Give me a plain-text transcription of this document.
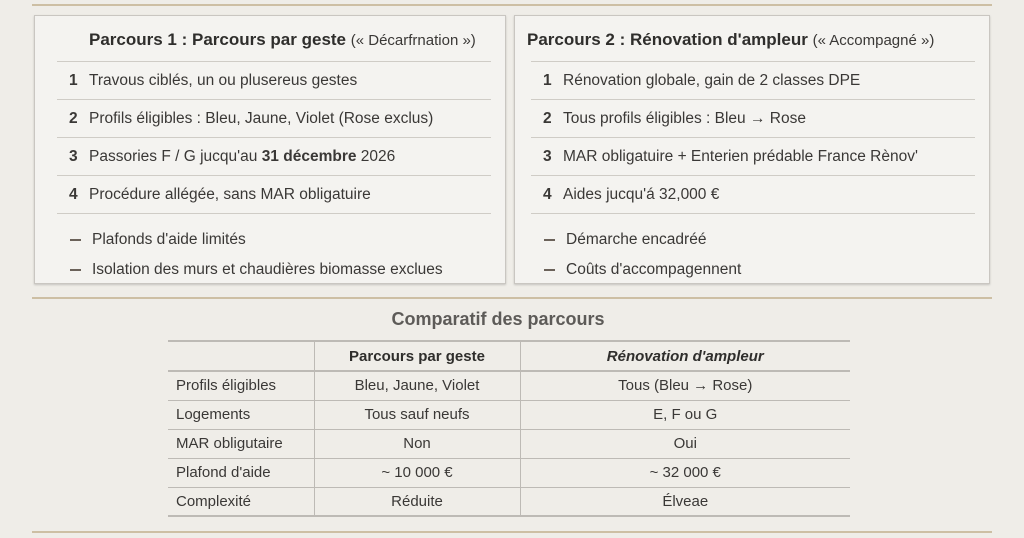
Parcours 1 : Parcours par geste (« Décarfrnation »)
1 Travous ciblés, un ou plusereus gestes
2 Profils éligibles : Bleu, Jaune, Violet (Rose exclus)
3 Passories F / G jucqu'au 31 décembre 2026
4 Procédure allégée, sans MAR obligatuire
Plafonds d'aide limités
Isolation des murs et chaudières biomasse exclues
Parcours 2 : Rénovation d'ampleur (« Accompagné »)
1 Rénovation globale, gain de 2 classes DPE
2 Tous profils éligibles : Bleu → Rose
3 MAR obligatuire + Enterien prédable France Rènov'
4 Aides jucqu'á 32,000 €
Démarche encadréé
Coûts d'accompagennent
Comparatif des parcours
	Parcours par geste	Rénovation d'ampleur
Profils éligibles	Bleu, Jaune, Violet	Tous (Bleu → Rose)
Logements	Tous sauf neufs	E, F ou G
MAR obligutaire	Non	Oui
Plafond d'aide	~ 10 000 €	~ 32 000 €
Complexité	Réduite	Élveae
